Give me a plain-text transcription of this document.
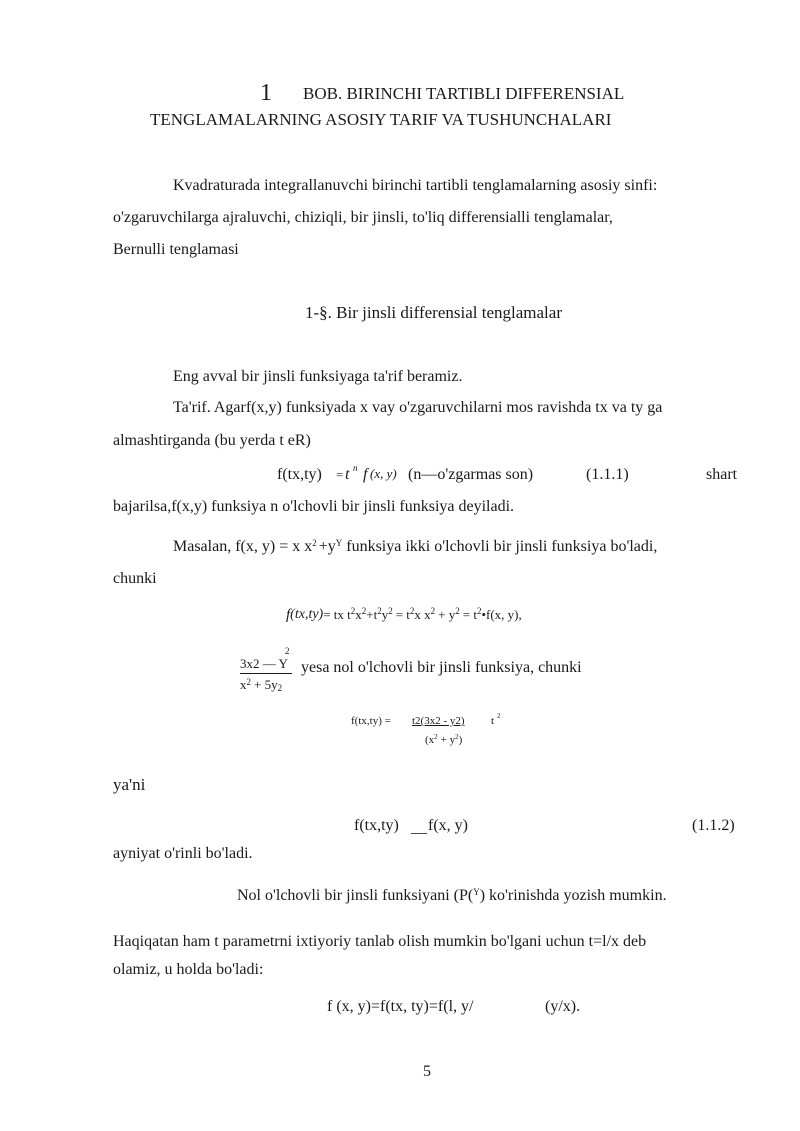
1 BOB. BIRINCHI TARTIBLI DIFFERENSIAL
TENGLAMALARNING ASOSIY TARIF VA TUSHUNCHALARI
Kvadraturada integrallanuvchi birinchi tartibli tenglamalarning asosiy sinfi:
o'zgaruvchilarga ajraluvchi, chiziqli, bir jinsli, to'liq differensialli tenglamalar,
Bernulli tenglamasi
1-§. Bir jinsli differensial tenglamalar
Eng avval bir jinsli funksiyaga ta'rif beramiz.
Ta'rif. Agarf(x,y) funksiyada x vay o'zgaruvchilarni mos ravishda tx va ty ga
almashtirganda (bu yerda t eR)
f(tx,ty) = t n f (x, y) (n—o'zgarmas son)	(1.1.1)	shart
bajarilsa,f(x,y) funksiya n o'lchovli bir jinsli funksiya deyiladi.
Masalan, f(x, y) = x x 2 +y Y funksiya ikki o'lchovli bir jinsli funksiya bo'ladi,
chunki
f (tx,ty) = tx t 2 x 2 +t 2 y 2 = t 2 x x 2 + y 2 = t 2 •f(x, y),
2
3x2 — Y
x 2 + 5y 2
yesa nol o'lchovli bir jinsli funksiya, chunki
f(tx,ty) = t2(3x2 - y2) t 2
(x 2 + y 2 )
ya'ni
f(tx,ty) __ f(x, y)	(1.1.2)
ayniyat o'rinli bo'ladi.
Nol o'lchovli bir jinsli funksiyani (P( Y ) ko'rinishda yozish mumkin.
Haqiqatan ham t parametrni ixtiyoriy tanlab olish mumkin bo'lgani uchun t=l/x deb
olamiz, u holda bo'ladi:
f (x, y)=f(tx, ty)=f(l, y/	(y/x).
5
